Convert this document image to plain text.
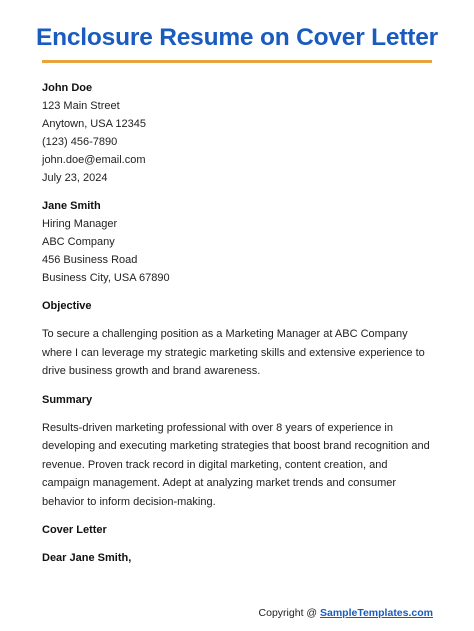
Enclosure Resume on Cover Letter
John Doe
123 Main Street
Anytown, USA 12345
(123) 456-7890
john.doe@email.com
July 23, 2024
Jane Smith
Hiring Manager
ABC Company
456 Business Road
Business City, USA 67890
Objective
To secure a challenging position as a Marketing Manager at ABC Company where I can leverage my strategic marketing skills and extensive experience to drive business growth and brand awareness.
Summary
Results-driven marketing professional with over 8 years of experience in developing and executing marketing strategies that boost brand recognition and revenue. Proven track record in digital marketing, content creation, and campaign management. Adept at analyzing market trends and consumer behavior to inform decision-making.
Cover Letter
Dear Jane Smith,
Copyright @ SampleTemplates.com
